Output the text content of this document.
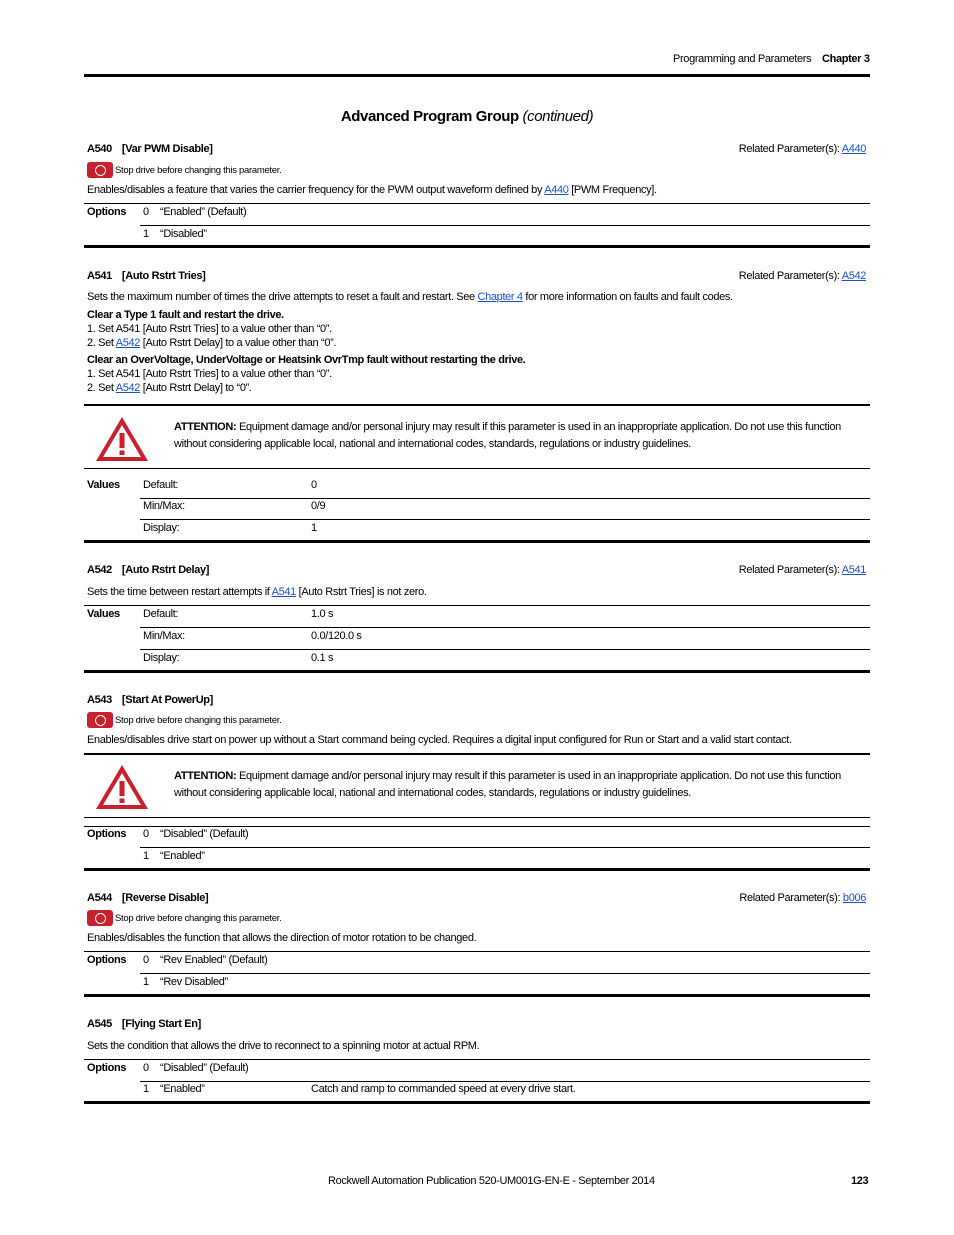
Programming and Parameters Chapter 3
Advanced Program Group (continued)
A540 [Var PWM Disable]	Related Parameter(s): A440
Stop drive before changing this parameter.
Enables/disables a feature that varies the carrier frequency for the PWM output waveform defined by A440 [PWM Frequency].
Options 0 “Enabled” (Default)
1 “Disabled”
A541 [Auto Rstrt Tries]	Related Parameter(s): A542
Sets the maximum number of times the drive attempts to reset a fault and restart. See Chapter 4 for more information on faults and fault codes.
Clear a Type 1 fault and restart the drive.
1. Set A541 [Auto Rstrt Tries] to a value other than “0”.
2. Set A542 [Auto Rstrt Delay] to a value other than “0”.
Clear an OverVoltage, UnderVoltage or Heatsink OvrTmp fault without restarting the drive.
1. Set A541 [Auto Rstrt Tries] to a value other than “0”.
2. Set A542 [Auto Rstrt Delay] to “0”.
ATTENTION: Equipment damage and/or personal injury may result if this parameter is used in an inappropriate application. Do not use this function without considering applicable local, national and international codes, standards, regulations or industry guidelines.
Values Default:	0
Min/Max:	0/9
Display:	1
A542 [Auto Rstrt Delay]	Related Parameter(s): A541
Sets the time between restart attempts if A541 [Auto Rstrt Tries] is not zero.
Values Default:	1.0 s
Min/Max:	0.0/120.0 s
Display:	0.1 s
A543 [Start At PowerUp]
Stop drive before changing this parameter.
Enables/disables drive start on power up without a Start command being cycled. Requires a digital input configured for Run or Start and a valid start contact.
ATTENTION: Equipment damage and/or personal injury may result if this parameter is used in an inappropriate application. Do not use this function without considering applicable local, national and international codes, standards, regulations or industry guidelines.
Options 0 “Disabled” (Default)
1 “Enabled”
A544 [Reverse Disable]	Related Parameter(s): b006
Stop drive before changing this parameter.
Enables/disables the function that allows the direction of motor rotation to be changed.
Options 0 “Rev Enabled” (Default)
1 “Rev Disabled”
A545 [Flying Start En]
Sets the condition that allows the drive to reconnect to a spinning motor at actual RPM.
Options 0 “Disabled” (Default)
1 “Enabled”	Catch and ramp to commanded speed at every drive start.
Rockwell Automation Publication 520-UM001G-EN-E - September 2014	123
